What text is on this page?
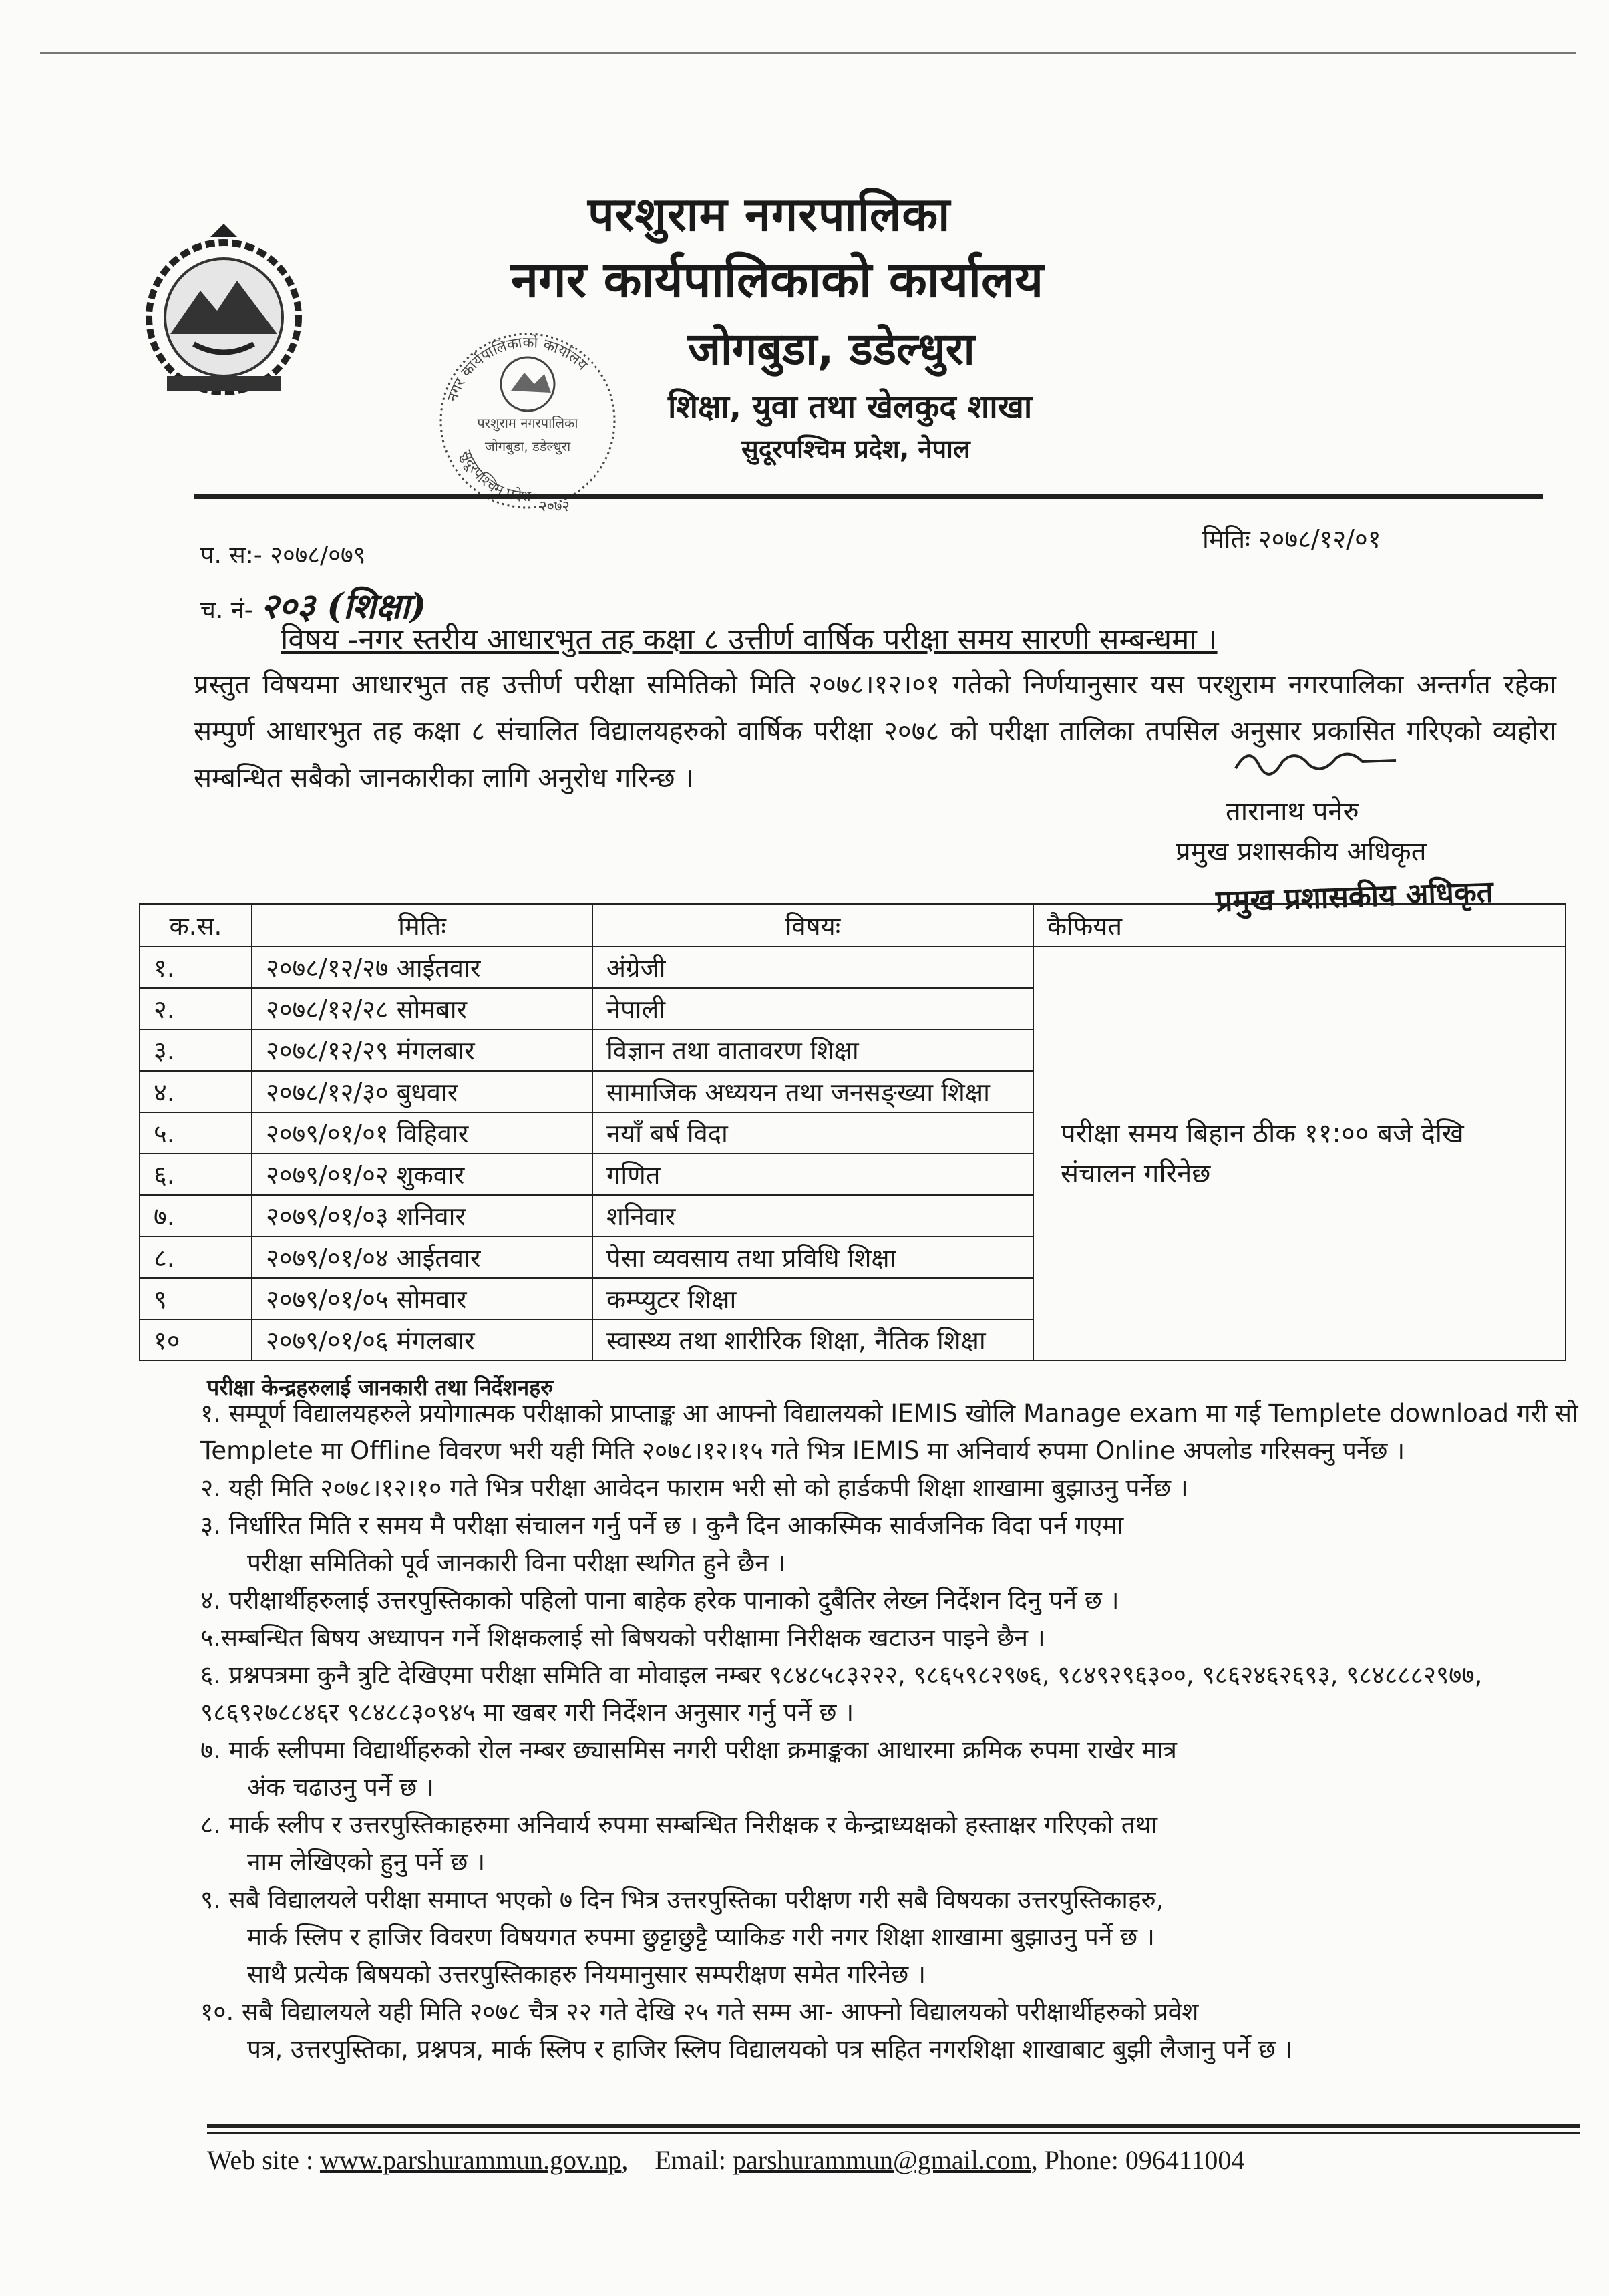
परशुराम नगरपालिका
नगर कार्यपालिकाको कार्यालय
जोगबुडा, डडेल्धुरा
शिक्षा, युवा तथा खेलकुद शाखा
सुदूरपश्चिम प्रदेश, नेपाल
नगर कार्यपालिकाको कार्यालय
सुदूरपश्चिम प्रदेश
परशुराम नगरपालिका
जोगबुडा, डडेल्धुरा
२०७२
प. स:- २०७८/०७९
च. नं- २०३ (शिक्षा)
मितिः २०७८/१२/०१
विषय -नगर स्तरीय आधारभुत तह कक्षा ८ उत्तीर्ण वार्षिक परीक्षा समय सारणी सम्बन्धमा ।
प्रस्तुत विषयमा आधारभुत तह उत्तीर्ण परीक्षा समितिको मिति २०७८।१२।०१ गतेको निर्णयानुसार यस परशुराम नगरपालिका अन्तर्गत रहेका सम्पुर्ण आधारभुत तह कक्षा ८ संचालित विद्यालयहरुको वार्षिक परीक्षा २०७८ को परीक्षा तालिका तपसिल अनुसार प्रकासित गरिएको व्यहोरा सम्बन्धित सबैको जानकारीका लागि अनुरोध गरिन्छ ।
तारानाथ पनेरु
प्रमुख प्रशासकीय अधिकृत
प्रमुख प्रशासकीय अधिकृत
क.स.	मितिः	विषयः	कैफियत
१.	२०७८/१२/२७ आईतवार	अंग्रेजी	परीक्षा समय बिहान ठीक ११:०० बजे देखि संचालन गरिनेछ
२.	२०७८/१२/२८ सोमबार	नेपाली	
३.	२०७८/१२/२९ मंगलबार	विज्ञान तथा वातावरण शिक्षा	
४.	२०७८/१२/३० बुधवार	सामाजिक अध्ययन तथा जनसङ्ख्या शिक्षा	
५.	२०७९/०१/०१ विहिवार	नयाँ बर्ष विदा	
६.	२०७९/०१/०२ शुकवार	गणित	
७.	२०७९/०१/०३ शनिवार	शनिवार	
८.	२०७९/०१/०४ आईतवार	पेसा व्यवसाय तथा प्रविधि शिक्षा	
९	२०७९/०१/०५ सोमवार	कम्प्युटर शिक्षा	
१०	२०७९/०१/०६ मंगलबार	स्वास्थ्य तथा शारीरिक शिक्षा, नैतिक शिक्षा	
परीक्षा केन्द्रहरुलाई जानकारी तथा निर्देशनहरु

१. सम्पूर्ण विद्यालयहरुले प्रयोगात्मक परीक्षाको प्राप्ताङ्क आ आफ्नो विद्यालयको IEMIS खोलि Manage exam मा गई Templete download गरी सो Templete मा Offline विवरण भरी यही मिति २०७८।१२।१५ गते भित्र IEMIS मा अनिवार्य रुपमा Online अपलोड गरिसक्नु पर्नेछ ।

२. यही मिति २०७८।१२।१० गते भित्र परीक्षा आवेदन फाराम भरी सो को हार्डकपी शिक्षा शाखामा बुझाउनु पर्नेछ ।

३. निर्धारित मिति र समय मै परीक्षा संचालन गर्नु पर्ने छ । कुनै दिन आकस्मिक सार्वजनिक विदा पर्न गएमा

परीक्षा समितिको पूर्व जानकारी विना परीक्षा स्थगित हुने छैन ।

४. परीक्षार्थीहरुलाई उत्तरपुस्तिकाको पहिलो पाना बाहेक हरेक पानाको दुबैतिर लेख्न निर्देशन दिनु पर्ने छ ।

५.सम्बन्धित बिषय अध्यापन गर्ने शिक्षकलाई सो बिषयको परीक्षामा निरीक्षक खटाउन पाइने छैन ।

६. प्रश्नपत्रमा कुनै त्रुटि देखिएमा परीक्षा समिति वा मोवाइल नम्बर ९८४८५८३२२२, ९८६५९८२९७६, ९८४९२९६३००, ९८६२४६२६९३, ९८४८८८२९७७, ९८६९२७८८४६र ९८४८८३०९४५ मा खबर गरी निर्देशन अनुसार गर्नु पर्ने छ ।

७. मार्क स्लीपमा विद्यार्थीहरुको रोल नम्बर छ्यासमिस नगरी परीक्षा क्रमाङ्कका आधारमा क्रमिक रुपमा राखेर मात्र

अंक चढाउनु पर्ने छ ।

८. मार्क स्लीप र उत्तरपुस्तिकाहरुमा अनिवार्य रुपमा सम्बन्धित निरीक्षक र केन्द्राध्यक्षको हस्ताक्षर गरिएको तथा

नाम लेखिएको हुनु पर्ने छ ।

९. सबै विद्यालयले परीक्षा समाप्त भएको ७ दिन भित्र उत्तरपुस्तिका परीक्षण गरी सबै विषयका उत्तरपुस्तिकाहरु,

मार्क स्लिप र हाजिर विवरण विषयगत रुपमा छुट्टाछुट्टै प्याकिङ गरी नगर शिक्षा शाखामा बुझाउनु पर्ने छ ।

साथै प्रत्येक बिषयको उत्तरपुस्तिकाहरु नियमानुसार सम्परीक्षण समेत गरिनेछ ।

१०. सबै विद्यालयले यही मिति २०७८ चैत्र २२ गते देखि २५ गते सम्म आ- आफ्नो विद्यालयको परीक्षार्थीहरुको प्रवेश

पत्र, उत्तरपुस्तिका, प्रश्नपत्र, मार्क स्लिप र हाजिर स्लिप विद्यालयको पत्र सहित नगरशिक्षा शाखाबाट बुझी लैजानु पर्ने छ ।

Web site : www.parshurammun.gov.np,    Email: parshurammun@gmail.com, Phone: 096411004
